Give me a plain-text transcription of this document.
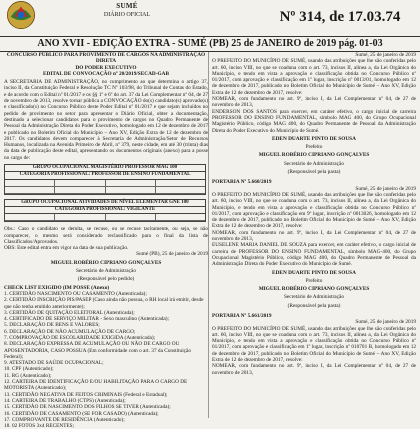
SUMÉ
DIÁRIO OFICIAL	Nº 314, de 17.03.74
ANO XVII - EDIÇÃO EXTRA - SUMÉ (PB) 25 de JANEIRO de 2019 pág. 01-03
CONCURSO PÚBLICO PARA PROVIMENTO DE CARGOS NA ADMINISTRAÇÃO DIRETA
DO PODER EXECUTIVO
EDITAL DE CONVOCAÇÃO nº 20/2019/SECAD-GAB
A SECRETARIA DE ADMINISTRAÇÃO, no cumprimento ao que determina o artigo 37, inciso II, da Constituição Federal e Resolução TC Nº 103/98, do Tribunal de Contas do Estado, e de acordo com o Edital nº 01/2017 e os §§ 1º e 6º do art. 37 da Lei Complementar nº 04, de 27 de novembro de 2013, resolve tornar pública a CONVOCAÇÃO do(s) candidato(s) aprovado(s) e classificado(s) no Concurso Público deste Poder Edital nº 01/2017 e que sejam incluídos no pedido de provimento no setor para apresentar o Diário Oficial, obter a documentação, destinado a selecionar candidatos para o provimento de cargos no Quadro Permanente de Pessoal da Administração Direta do Poder Executivo, homologado em 12 de dezembro de 2017 e publicado no Boletim Oficial do Município – Ano XV, Edição Extra de 12 de dezembro de 2017. Os candidatos devem comparecer à Secretaria de Administração/Setor de Recursos Humanos, localizada na Avenida Primeiro de Abril, nº 379, neste cidade, em até 30 (trinta) dias da data de publicação deste edital, apresentando os documentos originais (anexo) para a posse no cargo de:
GRUPO OCUPACIONAL MAGISTÉRIO PROFESSOR MAG 100
CATEGORIA PROFISSIONAL: PROFESSOR DE ENSINO FUNDAMENTAL
GRUPO OCUPACIONAL ATIVIDADES DE NÍVEL ELEMENTAR GNE 100
CATEGORIA PROFISSIONAL: VIGILANTE
Obs.: Caso o candidato se demita, se recuse, ou se recuse tacitamente, ou seja, se não comparecer, o mesmo será considerado reclassificado para o final da lista de Classificados/Aprovados.
OBS: Este edital entra em vigor na data de sua publicação.
Sumé (PB), 25 de janeiro de 2019
MIGUEL ROBÉRIO CIPRIANO GONÇALVES
Secretário de Administração
(Responsável pelo pedido)
CHECK LIST EXIGIDO (IM POSSE (Anexo)
1. CERTIDÃO NASCIMENTO OU CASAMENTO (Autenticada);
2. CERTIDÃO INSCRIÇÃO PIS/PASEP (Caso ainda não possua, o RH local irá emitir, desde que não tenha emitido anteriormente);
3. CERTIDÃO DE QUITAÇÃO ELEITORAL (Autenticada);
4. CERTIFICADO DE SERVIÇO MILITAR - Sexo masculino (Autenticada);
5. DECLARAÇÃO DE BENS E VALORES;
6. DECLARAÇÃO DE NÃO ACUMULAÇÃO DE CARGO;
7. COMPROVAÇÃO DE ESCOLARIDADE EXIGIDA (Autenticada);
8. DECLARAÇÃO EXPRESSA DE ACUMULAÇÃO OU NÃO DE CARGO OU APOSENTADORIA, CASO POSSUA (Em conformidade com o art. 37 da Constituição Federal);
9. ATESTADO DE SAÚDE OCUPACIONAL;
10. CPF (Autenticado);
11. RG (Autenticado);
12. CARTEIRA DE IDENTIFICAÇÃO E/OU HABILITAÇÃO PARA O CARGO DE MOTORISTA (Autenticado);
13. CERTIDÃO NEGATIVA DE FEITOS CRIMINAIS (Federal e Estadual);
14. CARTEIRA DE TRABALHO (CTPS) (Autenticada);
15. CERTIDÃO DE NASCIMENTO DOS FILHOS SE TIVER (Autenticada);
16. CERTIDÃO DE CASAMENTO (SE FOR CASADO) (Autenticada);
17. COMPROVANTE DE RESIDÊNCIA (Autenticado);
18. 02 FOTOS 3x4 RECENTES;
Sumé, 25 de janeiro de 2019
O PREFEITO DO MUNICÍPIO DE SUMÉ, usando das atribuições que lhe são conferidas pelo art. 60, inciso VIII, no que se coaduna com o art. 73, incisos II, alínea a, da Lei Orgânica do Município, e tendo em vista a aprovação e classificação obtida no Concurso Público nº 01/2017, com aprovação e classificação em 1º lugar, inscrição nº 0013/01, homologado em 12 de dezembro de 2017, publicado no Boletim Oficial do Município de Sumé – Ano XV, Edição Extra de 12 de dezembro de 2017, resolve:
NOMEAR, com fundamento no art. 9º, inciso I, da Lei Complementar nº 04, de 27 de novembro de 2013,
ENDERSON DOS SANTOS para exercer, em caráter efetivo, o cargo inicial de carreira PROFESSOR DO ENSINO FUNDAMENTAL, símbolo MAG 400, do Grupo Ocupacional Magistério Público, código MAG 400, do Quadro Permanente de Pessoal da Administração Direta do Poder Executivo do Município de Sumé.
EDEN DUARTE PINTO DE SOUSA
Prefeito
MIGUEL ROBÉRIO CIPRIANO GONÇALVES
Secretário de Administração
(Responsável pela pasta)
PORTARIA Nº 5.660/2019
Sumé, 25 de janeiro de 2019
O PREFEITO DO MUNICÍPIO DE SUMÉ, usando das atribuições que lhe são conferidas pelo art. 60, inciso VIII, no que se coaduna com o art. 73, incisos II, alínea a, da Lei Orgânica do Município, e tendo em vista a aprovação e classificação obtida no Concurso Público nº 01/2017, com aprovação e classificação em 9º lugar, inscrição nº 0013026, homologado em 12 de dezembro de 2017, publicado no Boletim Oficial do Município de Sumé – Ano XV, Edição Extra de 12 de dezembro de 2017, resolve:
NOMEAR, com fundamento no art. 9º, inciso I, da Lei Complementar nº 04, de 27 de novembro de 2013,
EUSELENE MARIA DANIEL DE SOUZA para exercer, em caráter efetivo, o cargo inicial de carreira de PROFESSOR DO ENSINO FUNDAMENTAL, símbolo MAG-400, do Grupo Ocupacional Magistério Público, código MAG 400, do Quadro Permanente de Pessoal da Administração Direta do Poder Executivo do Município de Sumé.
EDEN DUARTE PINTO DE SOUSA
Prefeito
MIGUEL ROBÉRIO CIPRIANO GONÇALVES
Secretário de Administração
(Responsável pela pasta)
PORTARIA Nº 5.661/2019
Sumé, 25 de janeiro de 2019
O PREFEITO DO MUNICÍPIO DE SUMÉ, usando das atribuições que lhe são conferidas pelo art. 60, inciso VIII, no que se coaduna com o art. 73, incisos II, alínea a, da Lei Orgânica do Município, e tendo em vista a aprovação e classificação obtida no Concurso Público nº 01/2017, com aprovação e classificação em 1º lugar, inscrição nº 010701 B, homologado em 12 de dezembro de 2017, publicado no Boletim Oficial do Município de Sumé – Ano XV, Edição Extra de 12 de dezembro de 2017, resolve:
NOMEAR, com fundamento no art. 9º, inciso I, da Lei Complementar nº 04, de 27 de novembro de 2013,
